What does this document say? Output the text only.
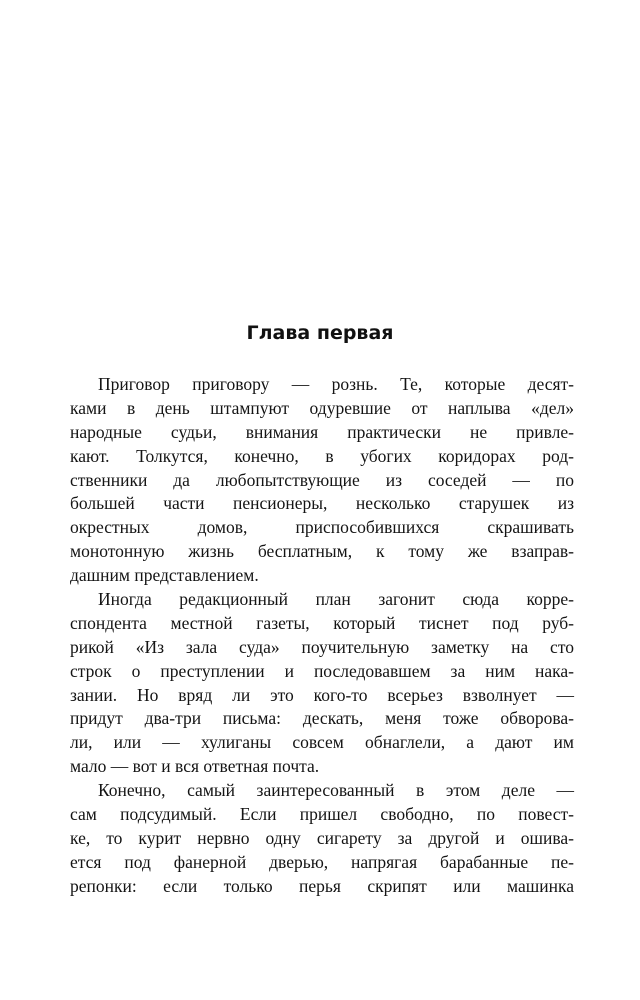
Глава первая
Приговор приговору — рознь. Те, которые десят-
ками в день штампуют одуревшие от наплыва «дел»
народные судьи, внимания практически не привле-
кают. Толкутся, конечно, в убогих коридорах род-
ственники да любопытствующие из соседей — по
большей части пенсионеры, несколько старушек из
окрестных домов, приспособившихся скрашивать
монотонную жизнь бесплатным, к тому же взаправ-
дашним представлением.
Иногда редакционный план загонит сюда корре-
спондента местной газеты, который тиснет под руб-
рикой «Из зала суда» поучительную заметку на сто
строк о преступлении и последовавшем за ним нака-
зании. Но вряд ли это кого-то всерьез взволнует —
придут два-три письма: дескать, меня тоже обворова-
ли, или — хулиганы совсем обнаглели, а дают им
мало — вот и вся ответная почта.
Конечно, самый заинтересованный в этом деле —
сам подсудимый. Если пришел свободно, по повест-
ке, то курит нервно одну сигарету за другой и ошива-
ется под фанерной дверью, напрягая барабанные пе-
репонки: если только перья скрипят или машинка
